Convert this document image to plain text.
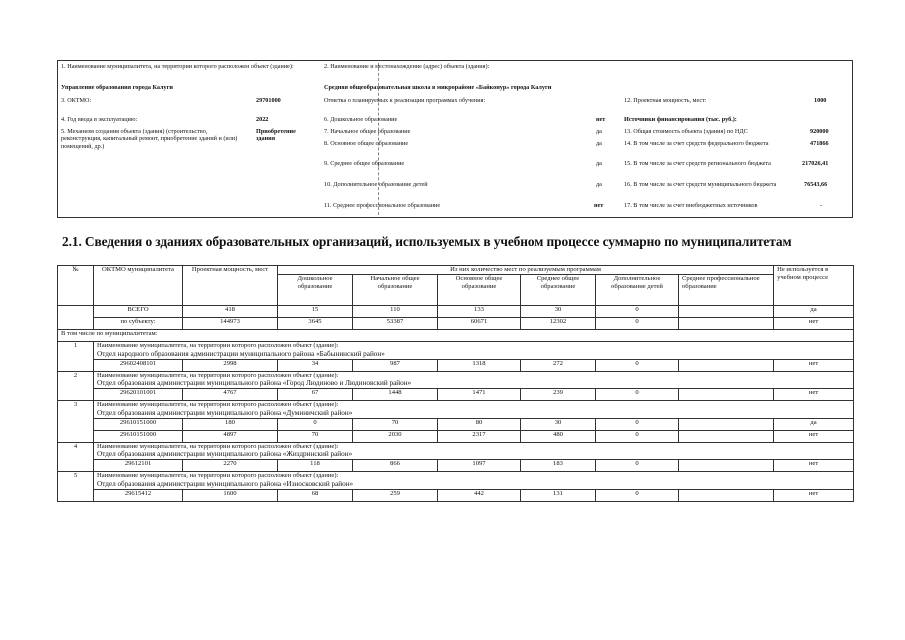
1. Наименование муниципалитета, на территории которого расположен объект (здание):
Управление образования города Калуги
2. Наименование и местонахождение (адрес) объекта (здания):
Средняя общеобразовательная школа в микрорайоне «Байконур» города Калуги
3. ОКТМО:	29701000	Отметка о планируемых к реализации программах обучения:	12. Проектная мощность, мест:	1000
4. Год ввода в эксплуатацию:	2022	6. Дошкольное образование	нет	Источники финансирования (тыс. руб.):
5. Механизм создания объекта (здания) (строительство, реконструкция, капитальный ремонт, приобретение зданий и (или) помещений, др.)
Приобретение здания
7. Начальное общее образование	да	13. Общая стоимость объекта (здания) по НДС	920000
8. Основное общее образование	да	14. В том числе за счет средств федерального бюджета	471866
9. Среднее общее образование	да	15. В том числе за счет средств регионального бюджета	217026,41
10. Дополнительное образование детей	да	16. В том числе за счет средств муниципального бюджета	76543,66
11. Среднее профессиональное образование	нет	17. В том числе за счет внебюджетных источников	-
2.1. Сведения о зданиях образовательных организаций, используемых в учебном процессе суммарно по муниципалитетам
№	ОКТМО муниципалитета	Проектная мощность, мест	Из них количество мест по реализуемым программам						Не используется в учебном процессе
			Дошкольное образование	Начальное общее образование	Основное общее образование	Среднее общее образование	Дополнительное образование детей	Среднее профессиональное образование	
	ВСЕГО	418	15	110	133	30	0		да
	по субъекту:	144973	3645	53387	60671	12302	0		нет
В том числе по муниципалитетам:									
1	Наименование муниципалитета, на территории которого расположен объект (здание):
Отдел народного образования администрации муниципального района «Бабынинский район»								

	29602408101	2998	34	987	1318	272	0		нет
2	Наименование муниципалитета, на территории которого расположен объект (здание):
Отдел образования администрации муниципального района «Город Людиново и Людиновский район»								

	29620101001	4767	67	1448	1471	239	0		нет
3	Наименование муниципалитета, на территории которого расположен объект (здание):
Отдел образования администрации муниципального района «Думиничский район»								

	29610151000	180	0	70	80	30	0		да
	29610151000	4897	70	2030	2317	480	0		нет
4	Наименование муниципалитета, на территории которого расположен объект (здание):
Отдел образования администрации муниципального района «Жиздринский район»								

	29612101	2270	118	866	1097	183	0		нет
5	Наименование муниципалитета, на территории которого расположен объект (здание):
Отдел образования администрации муниципального района «Износковский район»								

	29615412	1600	68	259	442	131	0		нет
